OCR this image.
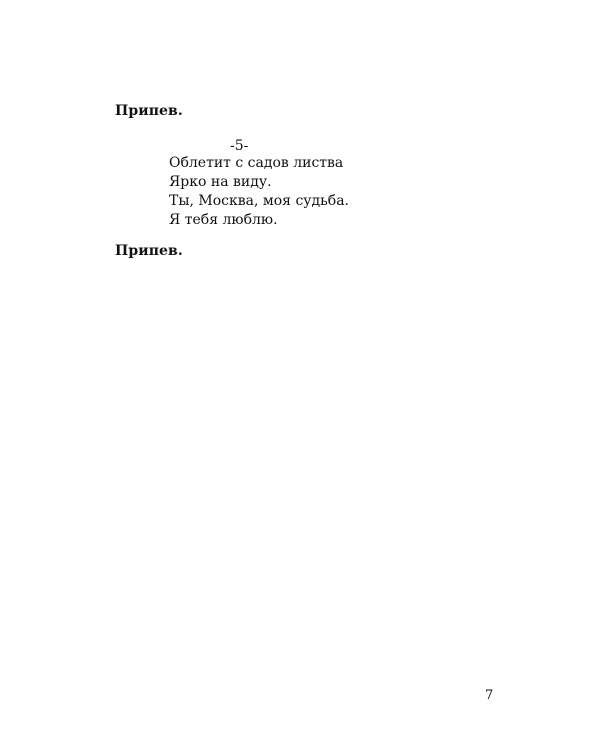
Припев.
-5-
Облетит с садов листва
Ярко на виду.
Ты, Москва, моя судьба.
Я тебя люблю.
Припев.
7
